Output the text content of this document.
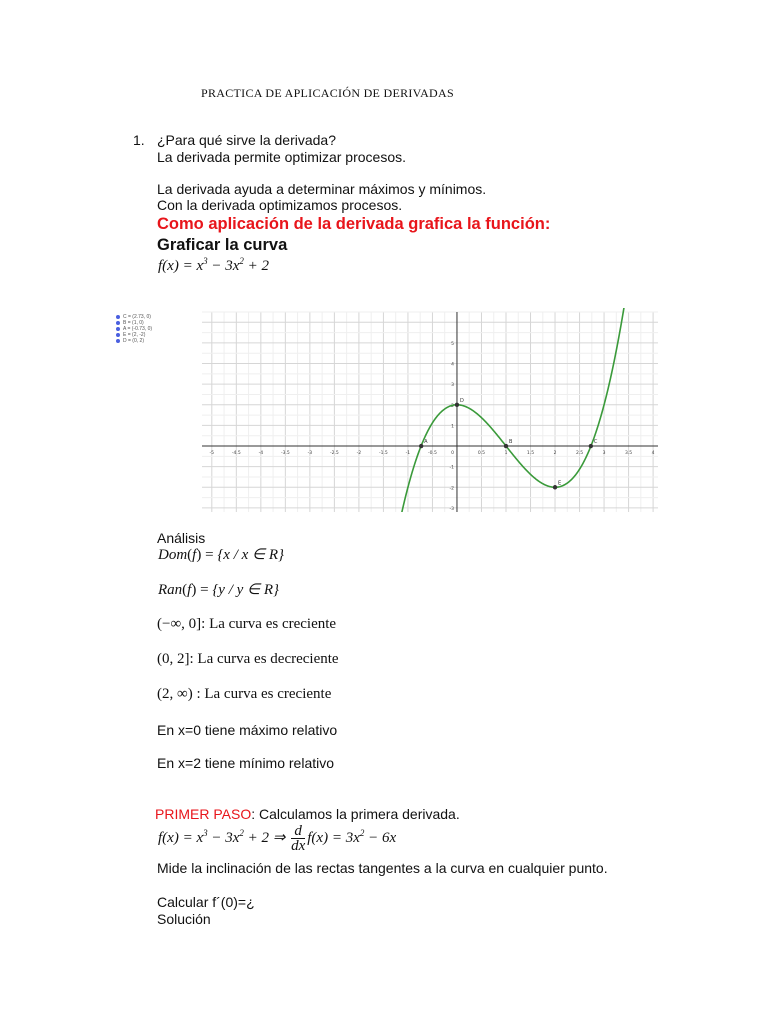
PRACTICA DE APLICACIÓN DE DERIVADAS
1. ¿Para qué sirve la derivada?
La derivada permite optimizar procesos.
La derivada ayuda a determinar máximos y mínimos.
Con la derivada optimizamos procesos.
Como aplicación de la derivada grafica la función:
Graficar la curva
$f(x) = x^3 - 3x^2 + 2$
C = (2.73, 0)
B = (1, 0)
A = (-0.73, 0)
E = (2, -2)
D = (0, 2)
-5	-4.5	-4	-3.5	-3	-2.5	-2	-1.5	-1	-0.5	0.5	1	1.5	2	2.5	3	3.5	4
-3
-2
-1
1
2
3
4
5
0
A	B	C
D
E
Análisis
Dom(f) = {x / x ∈ R}
Ran(f) = {y / y ∈ R}
(−∞, 0]: La curva es creciente
(0, 2]: La curva es decreciente
(2, ∞) : La curva es creciente
En x=0 tiene máximo relativo
En x=2 tiene mínimo relativo
PRIMER PASO: Calculamos la primera derivada.
$f(x) = x^3 - 3x^2 + 2$ ⇒ $\frac{d}{dx} f(x) = 3x^2 - 6x$
Mide la inclinación de las rectas tangentes a la curva en cualquier punto.
Calcular f´(0)=¿
Solución
